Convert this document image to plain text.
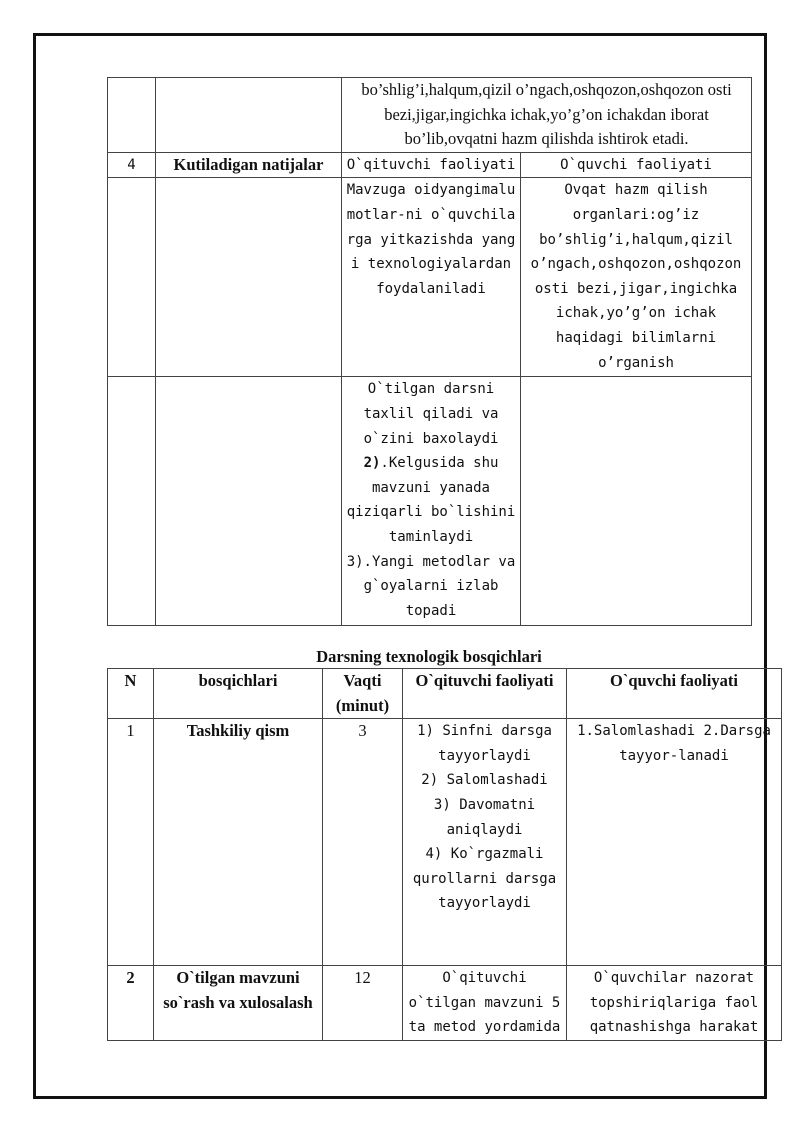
		bo’shlig’i,halqum,qizil o’ngach,oshqozon,oshqozon osti bezi,jigar,ingichka ichak,yo’g’on ichakdan iborat bo’lib,ovqatni hazm qilishda ishtirok etadi.	
4	Kutiladigan natijalar	O`qituvchi faoliyati	O`quvchi faoliyati
		Mavzuga oidyangimalumotlar-ni o`quvchilarga yitkazishda yangi texnologiyalardan foydalaniladi	Ovqat hazm qilish organlari:og’iz bo’shlig’i,halqum,qizil o’ngach,oshqozon,oshqozon osti bezi,jigar,ingichka ichak,yo’g’on ichak haqidagi bilimlarni o’rganish

		O`tilgan darsni taxlil qiladi va o`zini baxolaydi
2).Kelgusida shu mavzuni yanada qiziqarli bo`lishini taminlaydi
3).Yangi metodlar va g`oyalarni izlab topadi	

Darsning texnologik bosqichlari
N	bosqichlari	Vaqti (minut)	O`qituvchi faoliyati	O`quvchi faoliyati
1	Tashkiliy qism	3	1) Sinfni darsga tayyorlaydi
2) Salomlashadi
3) Davomatni aniqlaydi
4) Ko`rgazmali qurollarni darsga tayyorlaydi	1.Salomlashadi 2.Darsga tayyor-lanadi
2	O`tilgan mavzuni so`rash va xulosalash	12	O`qituvchi o`tilgan mavzuni 5 ta metod yordamida	O`quvchilar nazorat topshiriqlariga faol qatnashishga harakat
